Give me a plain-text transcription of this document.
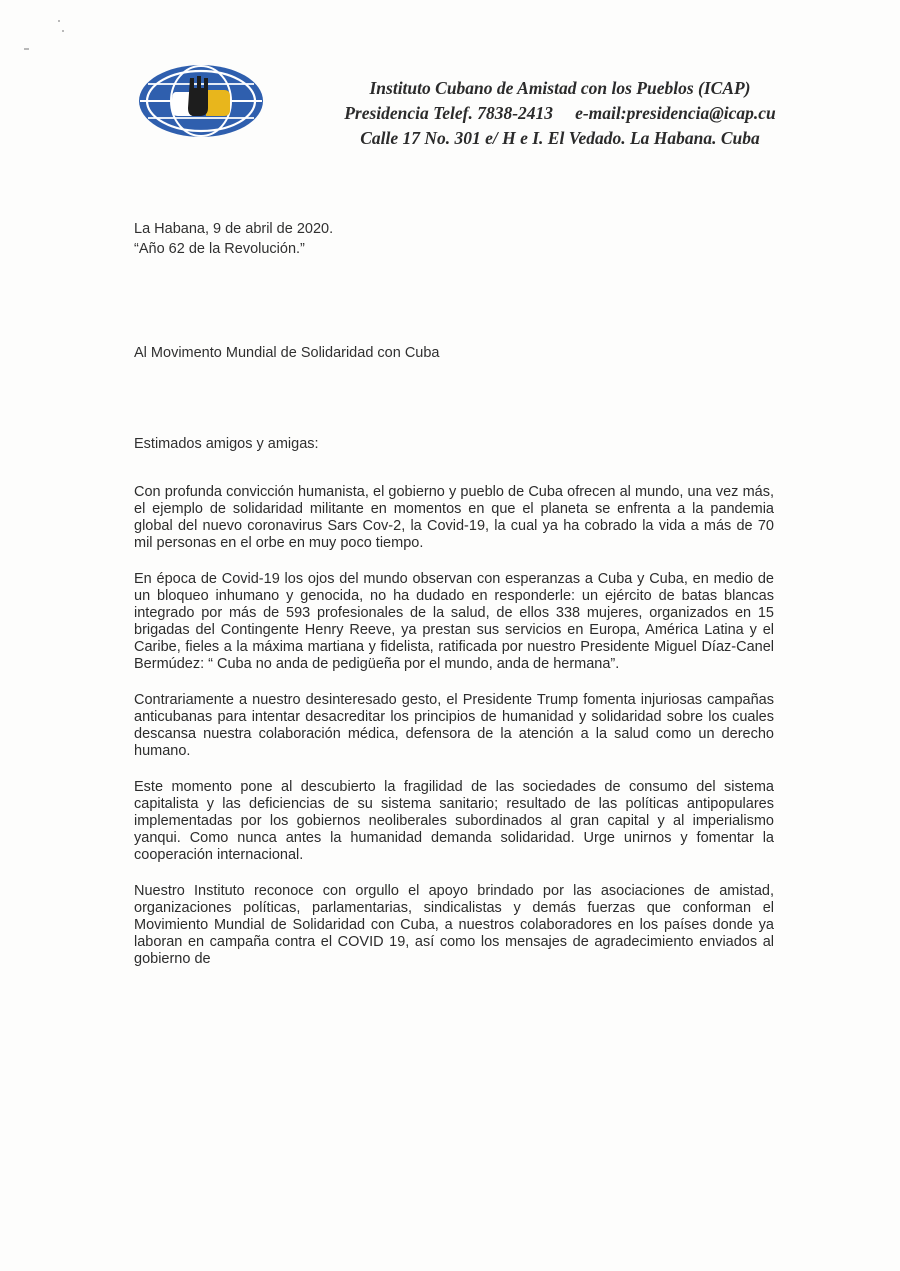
Instituto Cubano de Amistad con los Pueblos (ICAP)
Presidencia Telef. 7838-2413 e-mail:presidencia@icap.cu
Calle 17 No. 301 e/ H e I. El Vedado. La Habana. Cuba
La Habana, 9 de abril de 2020.
“Año 62 de la Revolución.”
Al Movimento Mundial de Solidaridad con Cuba
Estimados amigos y amigas:

Con profunda convicción humanista, el gobierno y pueblo de Cuba ofrecen al mundo, una vez más, el ejemplo de solidaridad militante en momentos en que el planeta se enfrenta a la pandemia global del nuevo coronavirus Sars Cov-2, la Covid-19, la cual ya ha cobrado la vida a más de 70 mil personas en el orbe en muy poco tiempo.

En época de Covid-19 los ojos del mundo observan con esperanzas a Cuba y Cuba, en medio de un bloqueo inhumano y genocida, no ha dudado en responderle: un ejército de batas blancas integrado por más de 593 profesionales de la salud, de ellos 338 mujeres, organizados en 15 brigadas del Contingente Henry Reeve, ya prestan sus servicios en Europa, América Latina y el Caribe, fieles a la máxima martiana y fidelista, ratificada por nuestro Presidente Miguel Díaz-Canel Bermúdez: “ Cuba no anda de pedigüeña por el mundo, anda de hermana”.

Contrariamente a nuestro desinteresado gesto, el Presidente Trump fomenta injuriosas campañas anticubanas para intentar desacreditar los principios de humanidad y solidaridad sobre los cuales descansa nuestra colaboración médica, defensora de la atención a la salud como un derecho humano.

Este momento pone al descubierto la fragilidad de las sociedades de consumo del sistema capitalista y las deficiencias de su sistema sanitario; resultado de las políticas antipopulares implementadas por los gobiernos neoliberales subordinados al gran capital y al imperialismo yanqui. Como nunca antes la humanidad demanda solidaridad. Urge unirnos y fomentar la cooperación internacional.

Nuestro Instituto reconoce con orgullo el apoyo brindado por las asociaciones de amistad, organizaciones políticas, parlamentarias, sindicalistas y demás fuerzas que conforman el Movimiento Mundial de Solidaridad con Cuba, a nuestros colaboradores en los países donde ya laboran en campaña contra el COVID 19, así como los mensajes de agradecimiento enviados al gobierno de
